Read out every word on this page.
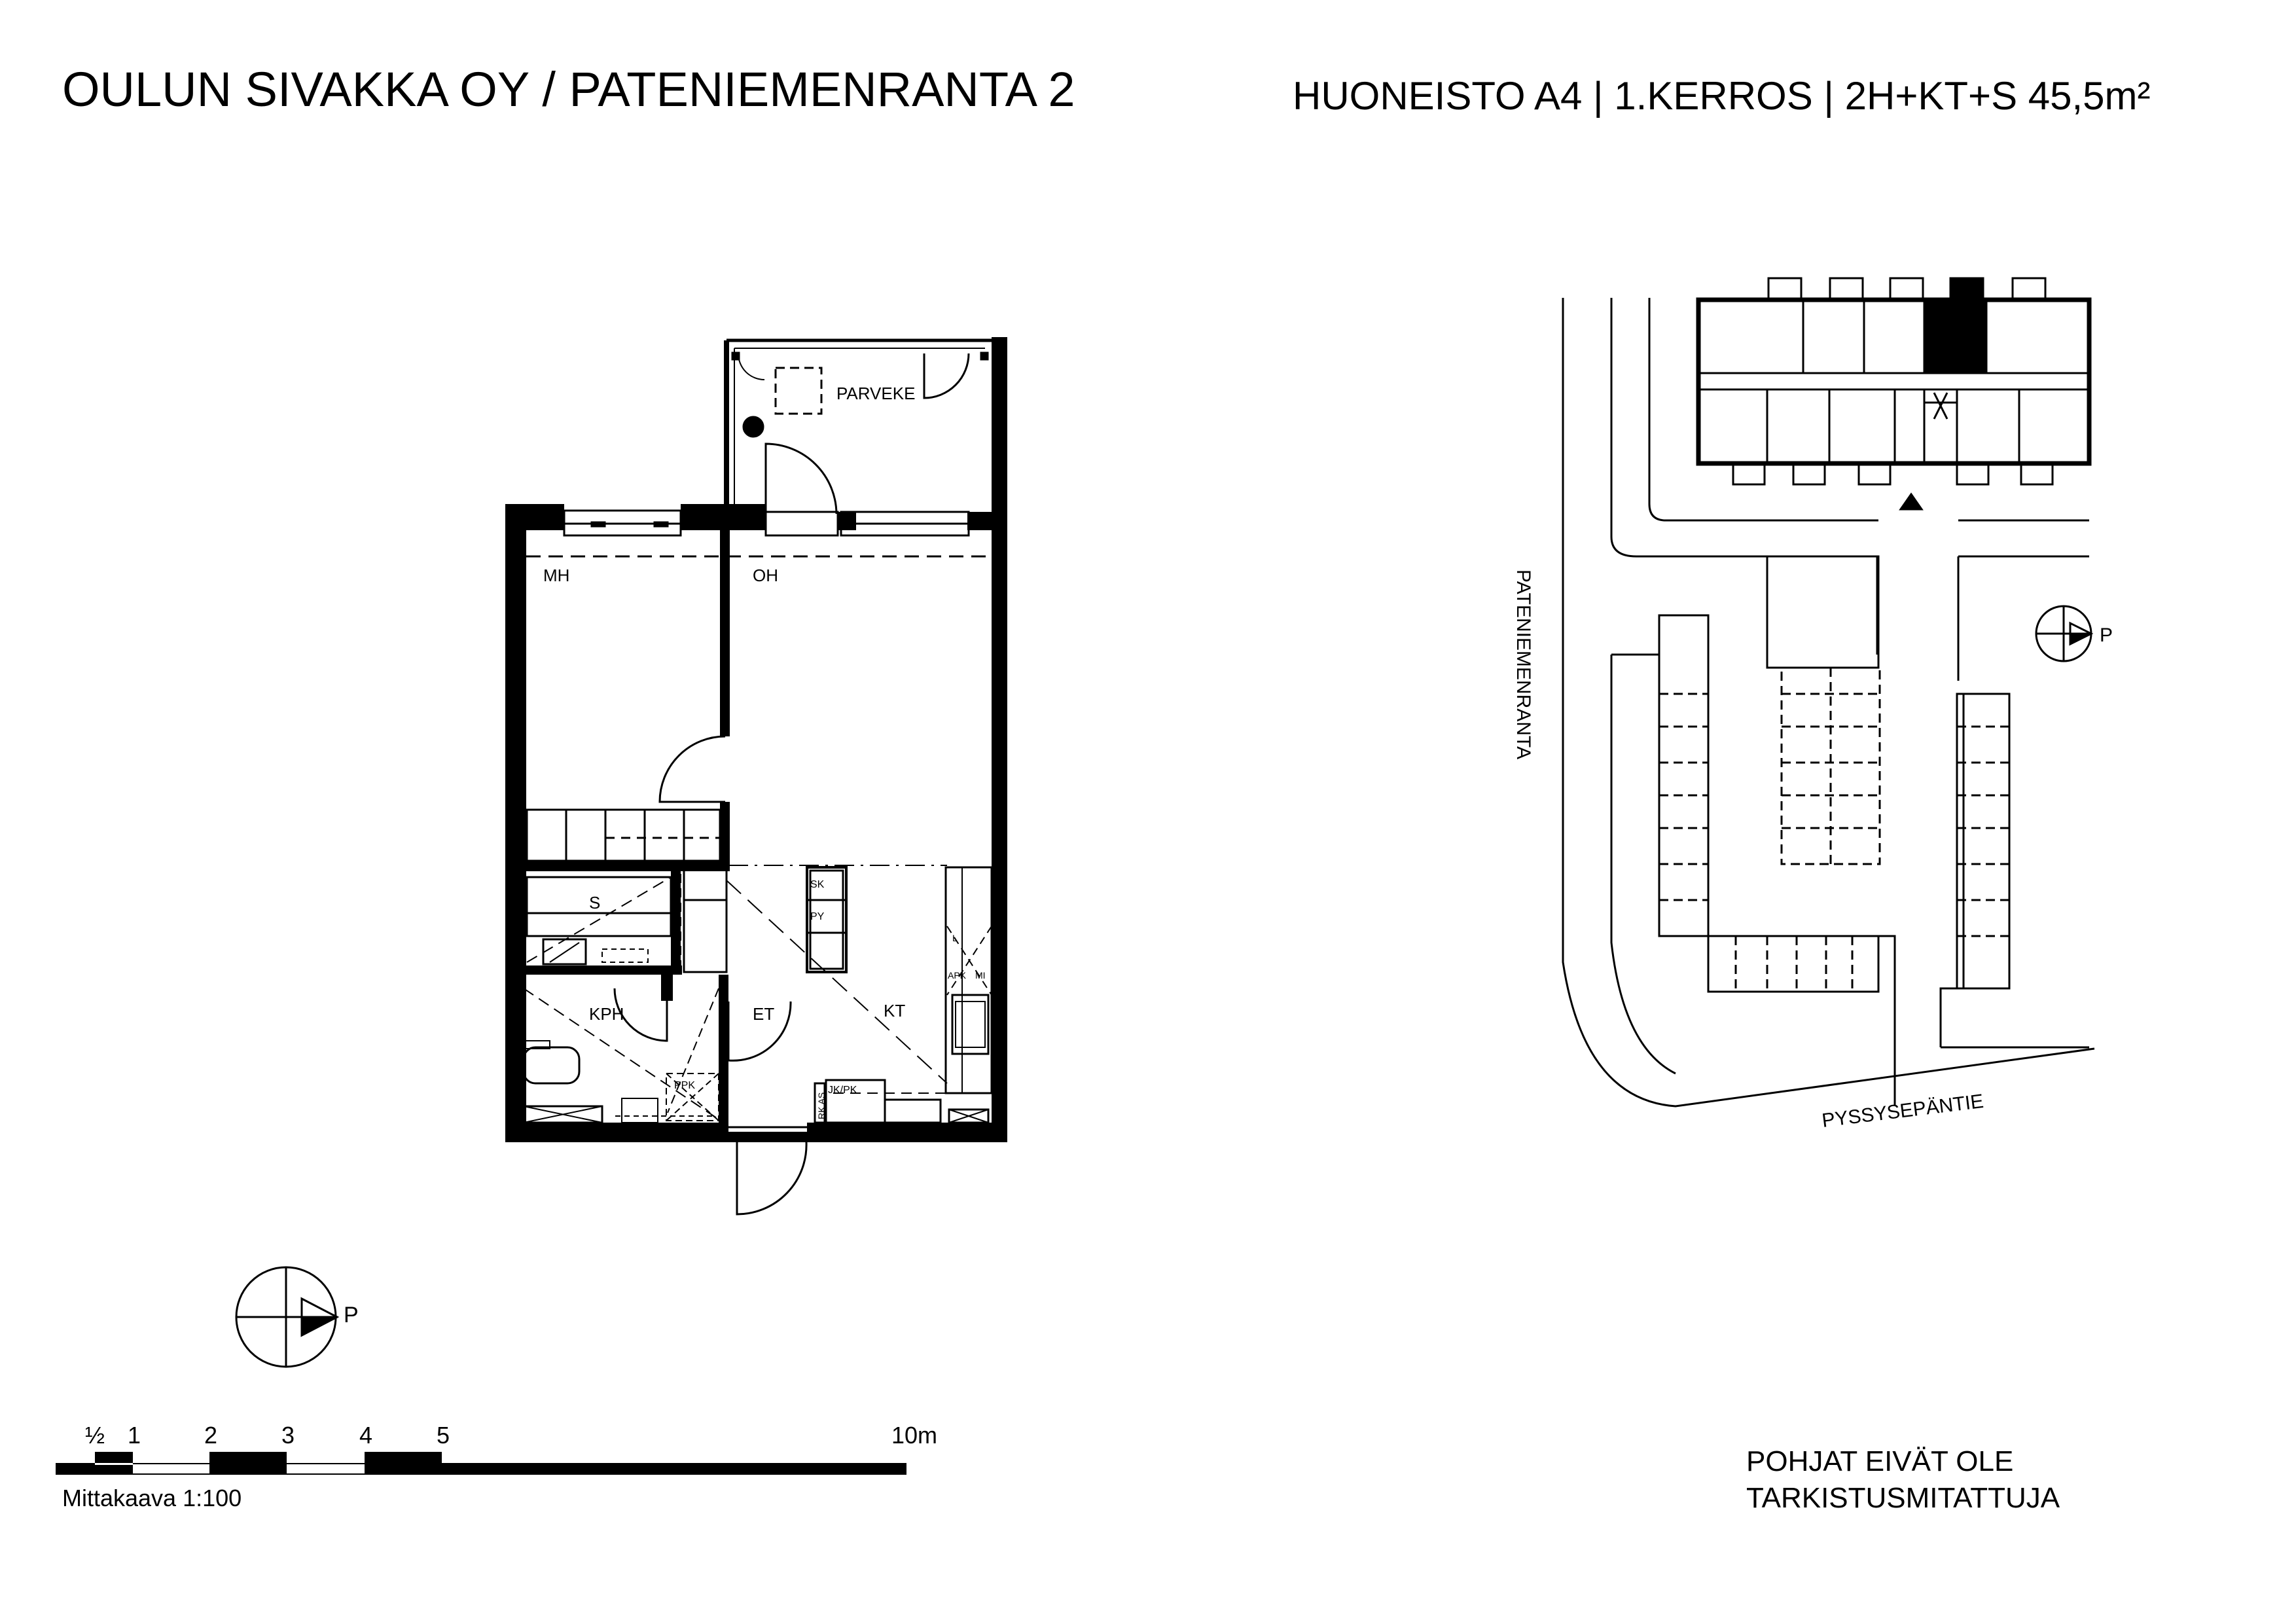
OULUN SIVAKKA OY / PATENIEMENRANTA 2	HUONEISTO A4 | 1.KERROS | 2H+KT+S 45,5m²
PARVEKE
MH	OH
S
KPH	ET	KT
SK
PY
PPK	JK/PK
RK AS
APK MI
L
P
½ 1	2	3	4	5	10m
P
PATENIEMENRANTA
PYSSYSEPÄNTIE
Mittakaava 1:100
POHJAT EIVÄT OLE
TARKISTUSMITATTUJA
